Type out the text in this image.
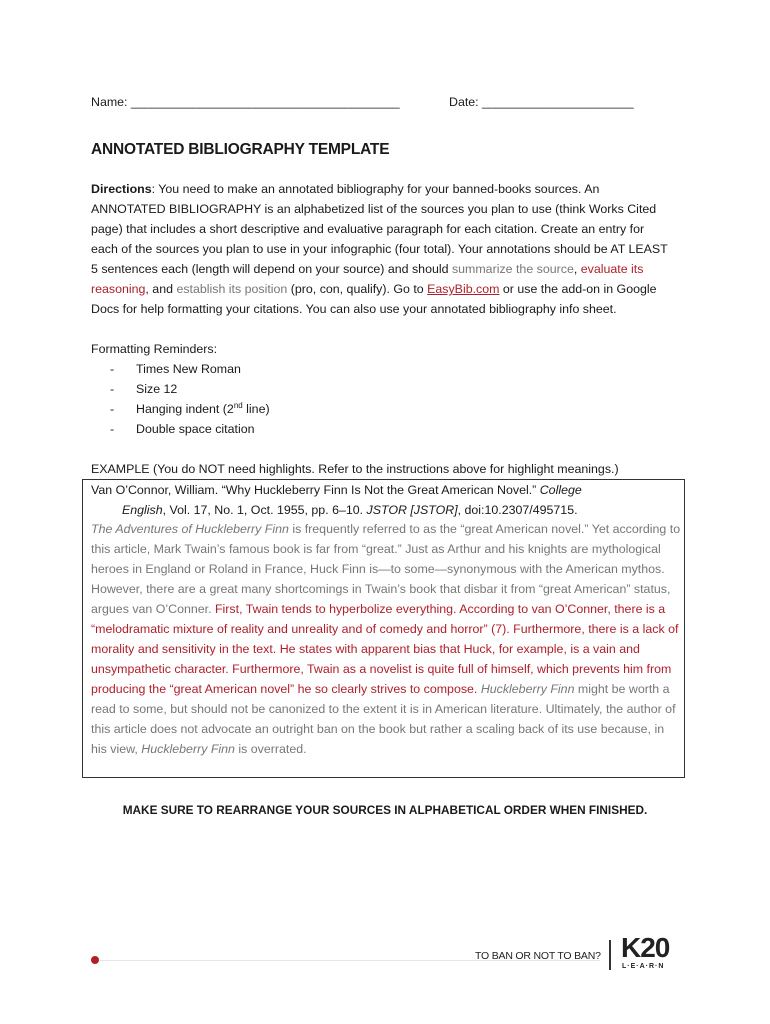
Name: _______________________________________	Date: ______________________
ANNOTATED BIBLIOGRAPHY TEMPLATE
Directions: You need to make an annotated bibliography for your banned-books sources. An ANNOTATED BIBLIOGRAPHY is an alphabetized list of the sources you plan to use (think Works Cited page) that includes a short descriptive and evaluative paragraph for each citation. Create an entry for each of the sources you plan to use in your infographic (four total). Your annotations should be AT LEAST 5 sentences each (length will depend on your source) and should summarize the source, evaluate its reasoning, and establish its position (pro, con, qualify). Go to EasyBib.com or use the add-on in Google Docs for help formatting your citations. You can also use your annotated bibliography info sheet.
Formatting Reminders:
- Times New Roman
- Size 12
- Hanging indent (2nd line)
- Double space citation
EXAMPLE (You do NOT need highlights. Refer to the instructions above for highlight meanings.)
Van O’Connor, William. “Why Huckleberry Finn Is Not the Great American Novel.” College
English, Vol. 17, No. 1, Oct. 1955, pp. 6–10. JSTOR [JSTOR], doi:10.2307/495715.
The Adventures of Huckleberry Finn is frequently referred to as the “great American novel.” Yet according to this article, Mark Twain’s famous book is far from “great.” Just as Arthur and his knights are mythological heroes in England or Roland in France, Huck Finn is—to some—synonymous with the American mythos. However, there are a great many shortcomings in Twain’s book that disbar it from “great American” status, argues van O’Conner. First, Twain tends to hyperbolize everything. According to van O’Conner, there is a “melodramatic mixture of reality and unreality and of comedy and horror” (7). Furthermore, there is a lack of morality and sensitivity in the text. He states with apparent bias that Huck, for example, is a vain and unsympathetic character. Furthermore, Twain as a novelist is quite full of himself, which prevents him from producing the “great American novel” he so clearly strives to compose. Huckleberry Finn might be worth a read to some, but should not be canonized to the extent it is in American literature. Ultimately, the author of this article does not advocate an outright ban on the book but rather a scaling back of its use because, in his view, Huckleberry Finn is overrated.
MAKE SURE TO REARRANGE YOUR SOURCES IN ALPHABETICAL ORDER WHEN FINISHED.
TO BAN OR NOT TO BAN? K20
L·E·A·R·N
